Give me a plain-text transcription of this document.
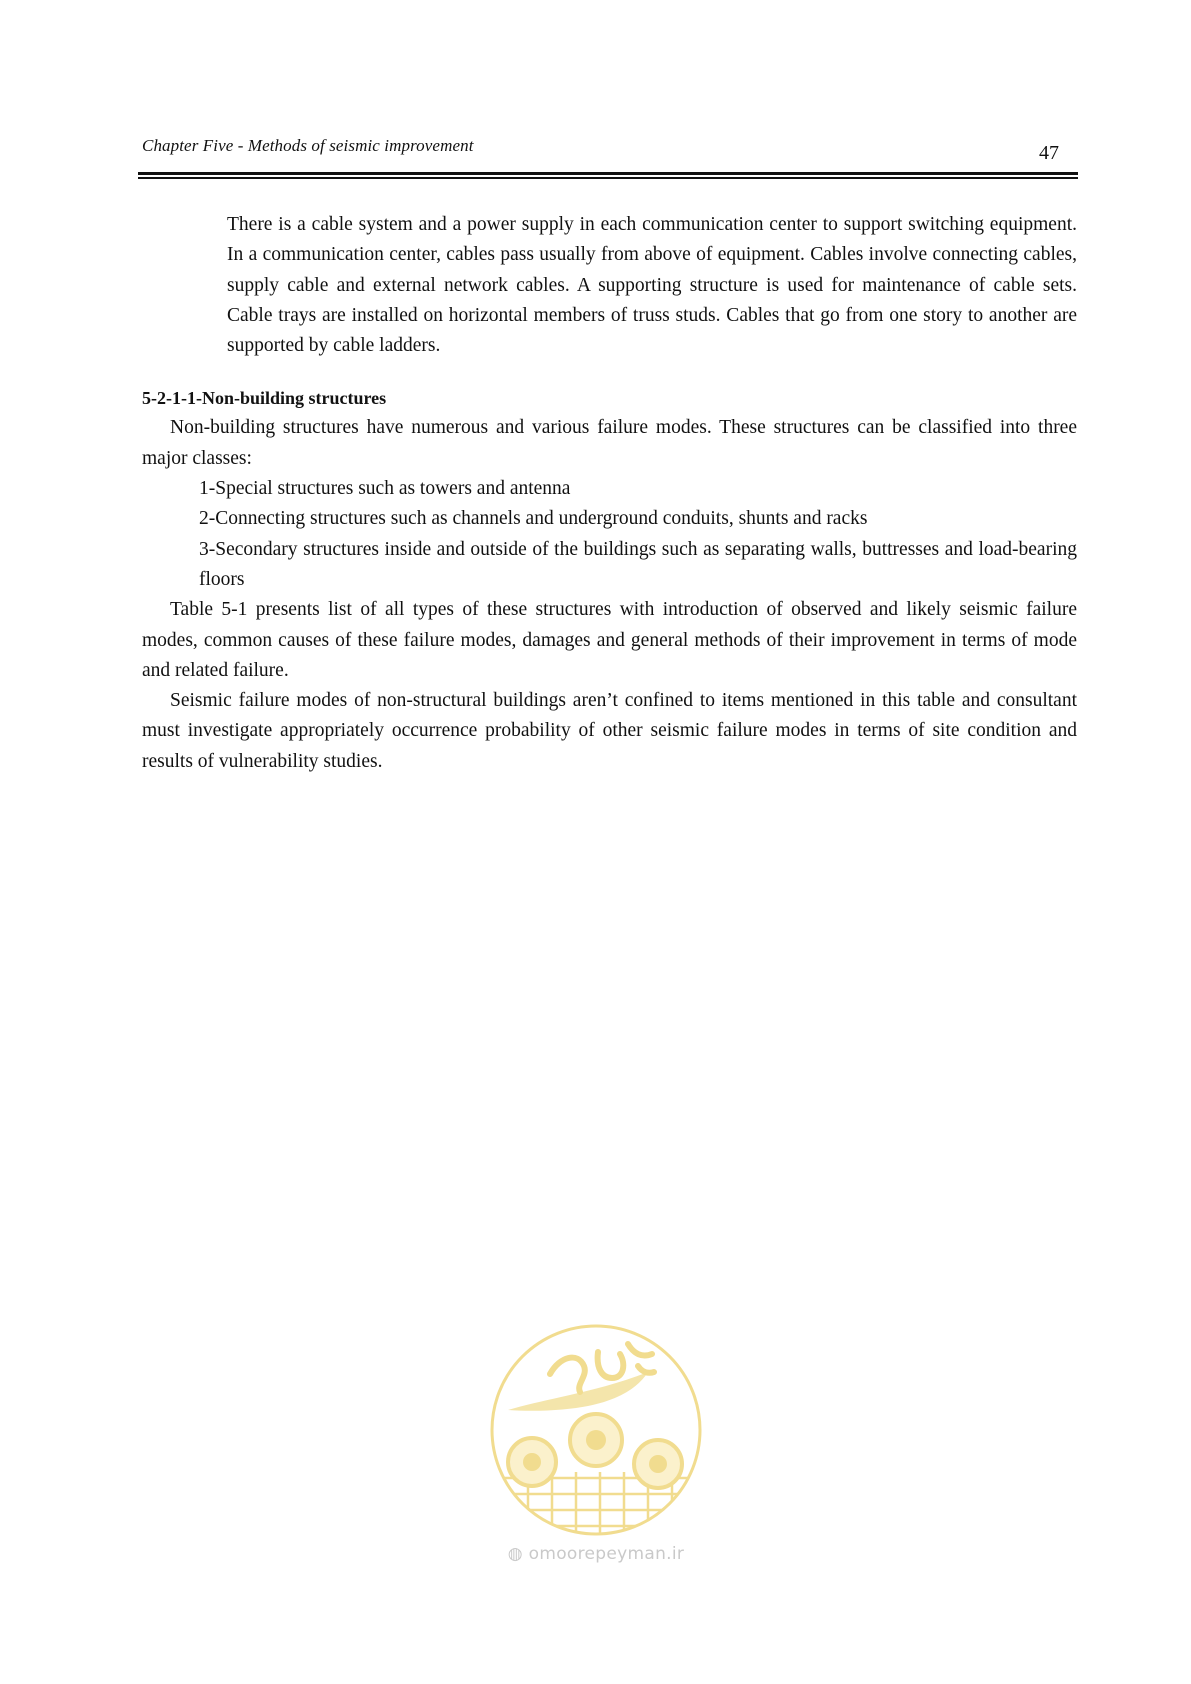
Chapter Five - Methods of seismic improvement	47

There is a cable system and a power supply in each communication center to support switching equipment. In a communication center, cables pass usually from above of equipment. Cables involve connecting cables, supply cable and external network cables. A supporting structure is used for maintenance of cable sets. Cable trays are installed on horizontal members of truss studs. Cables that go from one story to another are supported by cable ladders.

5-2-1-1-Non-building structures

Non-building structures have numerous and various failure modes. These structures can be classified into three major classes:

1-Special structures such as towers and antenna
2-Connecting structures such as channels and underground conduits, shunts and racks
3-Secondary structures inside and outside of the buildings such as separating walls, buttresses and load-bearing floors

Table 5-1 presents list of all types of these structures with introduction of observed and likely seismic failure modes, common causes of these failure modes, damages and general methods of their improvement in terms of mode and related failure.

Seismic failure modes of non-structural buildings aren’t confined to items mentioned in this table and consultant must investigate appropriately occurrence probability of other seismic failure modes in terms of site condition and results of vulnerability studies.

◍ omoorepeyman.ir
